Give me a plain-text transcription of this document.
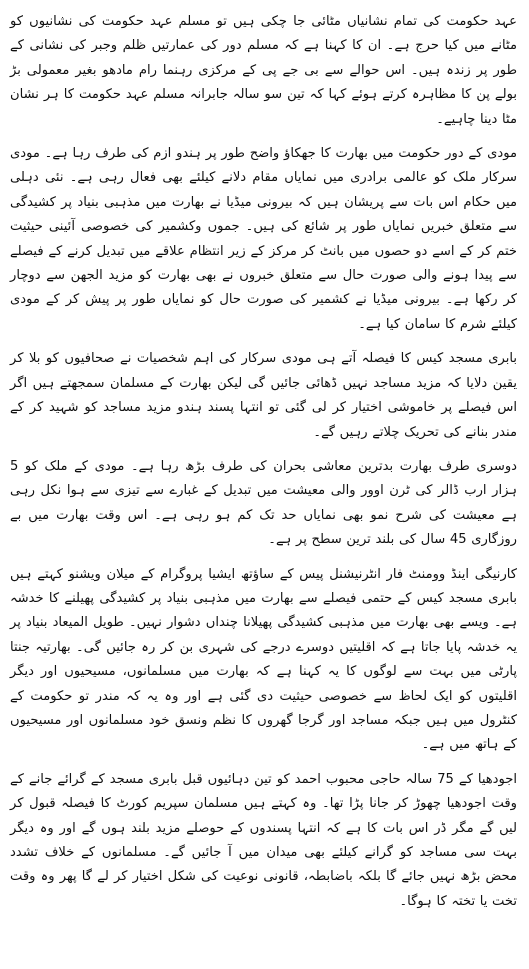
عہد حکومت کی تمام نشانیاں مٹائی جا چکی ہیں تو مسلم عہد حکومت کی نشانیوں کو مٹانے میں کیا حرج ہے۔ ان کا کہنا ہے کہ مسلم دور کی عمارتیں ظلم وجبر کی نشانی کے طور پر زندہ ہیں۔ اس حوالے سے بی جے پی کے مرکزی رہنما رام مادھو بغیر معمولی بڑ بولے پن کا مظاہرہ کرتے ہوئے کہا کہ تین سو سالہ جابرانہ مسلم عہد حکومت کا ہر نشان مٹا دینا چاہیے۔

مودی کے دور حکومت میں بھارت کا جھکاؤ واضح طور پر ہندو ازم کی طرف رہا ہے۔ مودی سرکار ملک کو عالمی برادری میں نمایاں مقام دلانے کیلئے بھی فعال رہی ہے۔ نئی دہلی میں حکام اس بات سے پریشان ہیں کہ بیرونی میڈیا نے بھارت میں مذہبی بنیاد پر کشیدگی سے متعلق خبریں نمایاں طور پر شائع کی ہیں۔ جموں وکشمیر کی خصوصی آئینی حیثیت ختم کر کے اسے دو حصوں میں بانٹ کر مرکز کے زیر انتظام علاقے میں تبدیل کرنے کے فیصلے سے پیدا ہونے والی صورت حال سے متعلق خبروں نے بھی بھارت کو مزید الجھن سے دوچار کر رکھا ہے۔ بیرونی میڈیا نے کشمیر کی صورت حال کو نمایاں طور پر پیش کر کے مودی کیلئے شرم کا سامان کیا ہے۔

بابری مسجد کیس کا فیصلہ آتے ہی مودی سرکار کی اہم شخصیات نے صحافیوں کو بلا کر یقین دلایا کہ مزید مساجد نہیں ڈھائی جائیں گی لیکن بھارت کے مسلمان سمجھتے ہیں اگر اس فیصلے پر خاموشی اختیار کر لی گئی تو انتہا پسند ہندو مزید مساجد کو شہید کر کے مندر بنانے کی تحریک چلاتے رہیں گے۔

دوسری طرف بھارت بدترین معاشی بحران کی طرف بڑھ رہا ہے۔ مودی کے ملک کو 5 ہزار ارب ڈالر کی ٹرن اوور والی معیشت میں تبدیل کے غبارے سے تیزی سے ہوا نکل رہی ہے معیشت کی شرح نمو بھی نمایاں حد تک کم ہو رہی ہے۔ اس وقت بھارت میں بے روزگاری 45 سال کی بلند ترین سطح پر ہے۔

کارنیگی اینڈ وومنٹ فار انٹرنیشنل پیس کے ساؤتھ ایشیا پروگرام کے میلان ویشنو کہتے ہیں بابری مسجد کیس کے حتمی فیصلے سے بھارت میں مذہبی بنیاد پر کشیدگی پھیلنے کا خدشہ ہے۔ ویسے بھی بھارت میں مذہبی کشیدگی پھیلانا چنداں دشوار نہیں۔ طویل المیعاد بنیاد پر یہ خدشہ پایا جاتا ہے کہ اقلیتیں دوسرے درجے کی شہری بن کر رہ جائیں گی۔ بھارتیہ جنتا پارٹی میں بہت سے لوگوں کا یہ کہنا ہے کہ بھارت میں مسلمانوں، مسیحیوں اور دیگر اقلیتوں کو ایک لحاظ سے خصوصی حیثیت دی گئی ہے اور وہ یہ کہ مندر تو حکومت کے کنٹرول میں ہیں جبکہ مساجد اور گرجا گھروں کا نظم ونسق خود مسلمانوں اور مسیحیوں کے ہاتھ میں ہے۔

اجودھیا کے 75 سالہ حاجی محبوب احمد کو تین دہائیوں قبل بابری مسجد کے گرائے جانے کے وقت اجودھیا چھوڑ کر جانا پڑا تھا۔ وہ کہتے ہیں مسلمان سپریم کورٹ کا فیصلہ قبول کر لیں گے مگر ڈر اس بات کا ہے کہ انتہا پسندوں کے حوصلے مزید بلند ہوں گے اور وہ دیگر بہت سی مساجد کو گرانے کیلئے بھی میدان میں آ جائیں گے۔ مسلمانوں کے خلاف تشدد محض بڑھ نہیں جائے گا بلکہ باضابطہ، قانونی نوعیت کی شکل اختیار کر لے گا پھر وہ وقت تخت یا تختہ کا ہوگا۔
